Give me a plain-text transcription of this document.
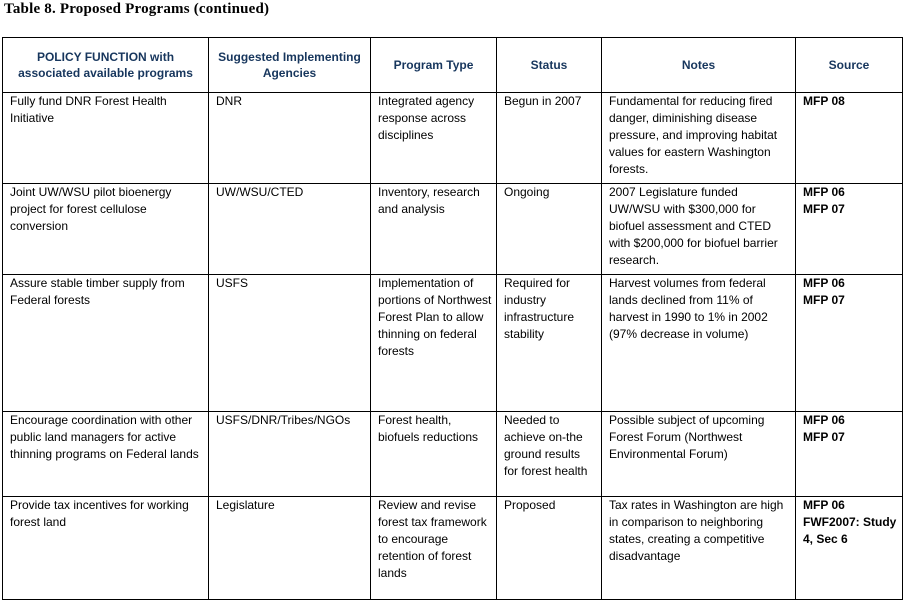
Table 8. Proposed Programs (continued)
POLICY FUNCTION with associated available programs	Suggested Implementing Agencies	Program Type	Status	Notes	Source
Fully fund DNR Forest Health Initiative	DNR	Integrated agency response across disciplines	Begun in 2007	Fundamental for reducing fired danger, diminishing disease pressure, and improving habitat values for eastern Washington forests.	MFP 08

Joint UW/WSU pilot bioenergy project for forest cellulose conversion	UW/WSU/CTED	Inventory, research and analysis	Ongoing	2007 Legislature funded UW/WSU with $300,000 for biofuel assessment and CTED with $200,000 for biofuel barrier research.	MFP 06
MFP 07

Assure stable timber supply from Federal forests	USFS	Implementation of portions of Northwest Forest Plan to allow thinning on federal forests	Required for industry infrastructure stability	Harvest volumes from federal lands declined from 11% of harvest in 1990 to 1% in 2002 (97% decrease in volume)	MFP 06
MFP 07

Encourage coordination with other public land managers for active thinning programs on Federal lands	USFS/DNR/Tribes/NGOs	Forest health, biofuels reductions	Needed to achieve on-the ground results for forest health	Possible subject of upcoming Forest Forum (Northwest Environmental Forum)	MFP 06
MFP 07

Provide tax incentives for working forest land	Legislature	Review and revise forest tax framework to encourage retention of forest lands	Proposed	Tax rates in Washington are high in comparison to neighboring states, creating a competitive disadvantage	MFP 06
FWF2007: Study 4, Sec 6
